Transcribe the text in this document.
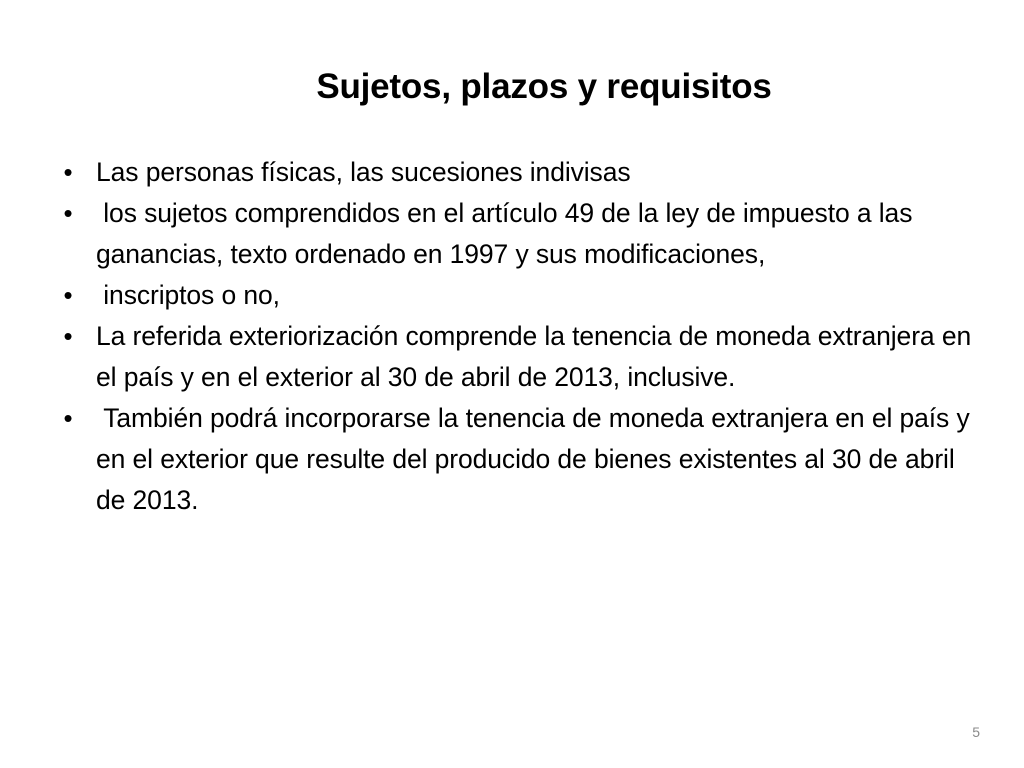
Sujetos, plazos y requisitos
• Las personas físicas, las sucesiones indivisas
• los sujetos comprendidos en el artículo 49 de la ley de impuesto a las ganancias, texto ordenado en 1997 y sus modificaciones,
• inscriptos o no,
• La referida exteriorización comprende la tenencia de moneda extranjera en el país y en el exterior al 30 de abril de 2013, inclusive.
• También podrá incorporarse la tenencia de moneda extranjera en el país y en el exterior que resulte del producido de bienes existentes al 30 de abril de 2013.
5
